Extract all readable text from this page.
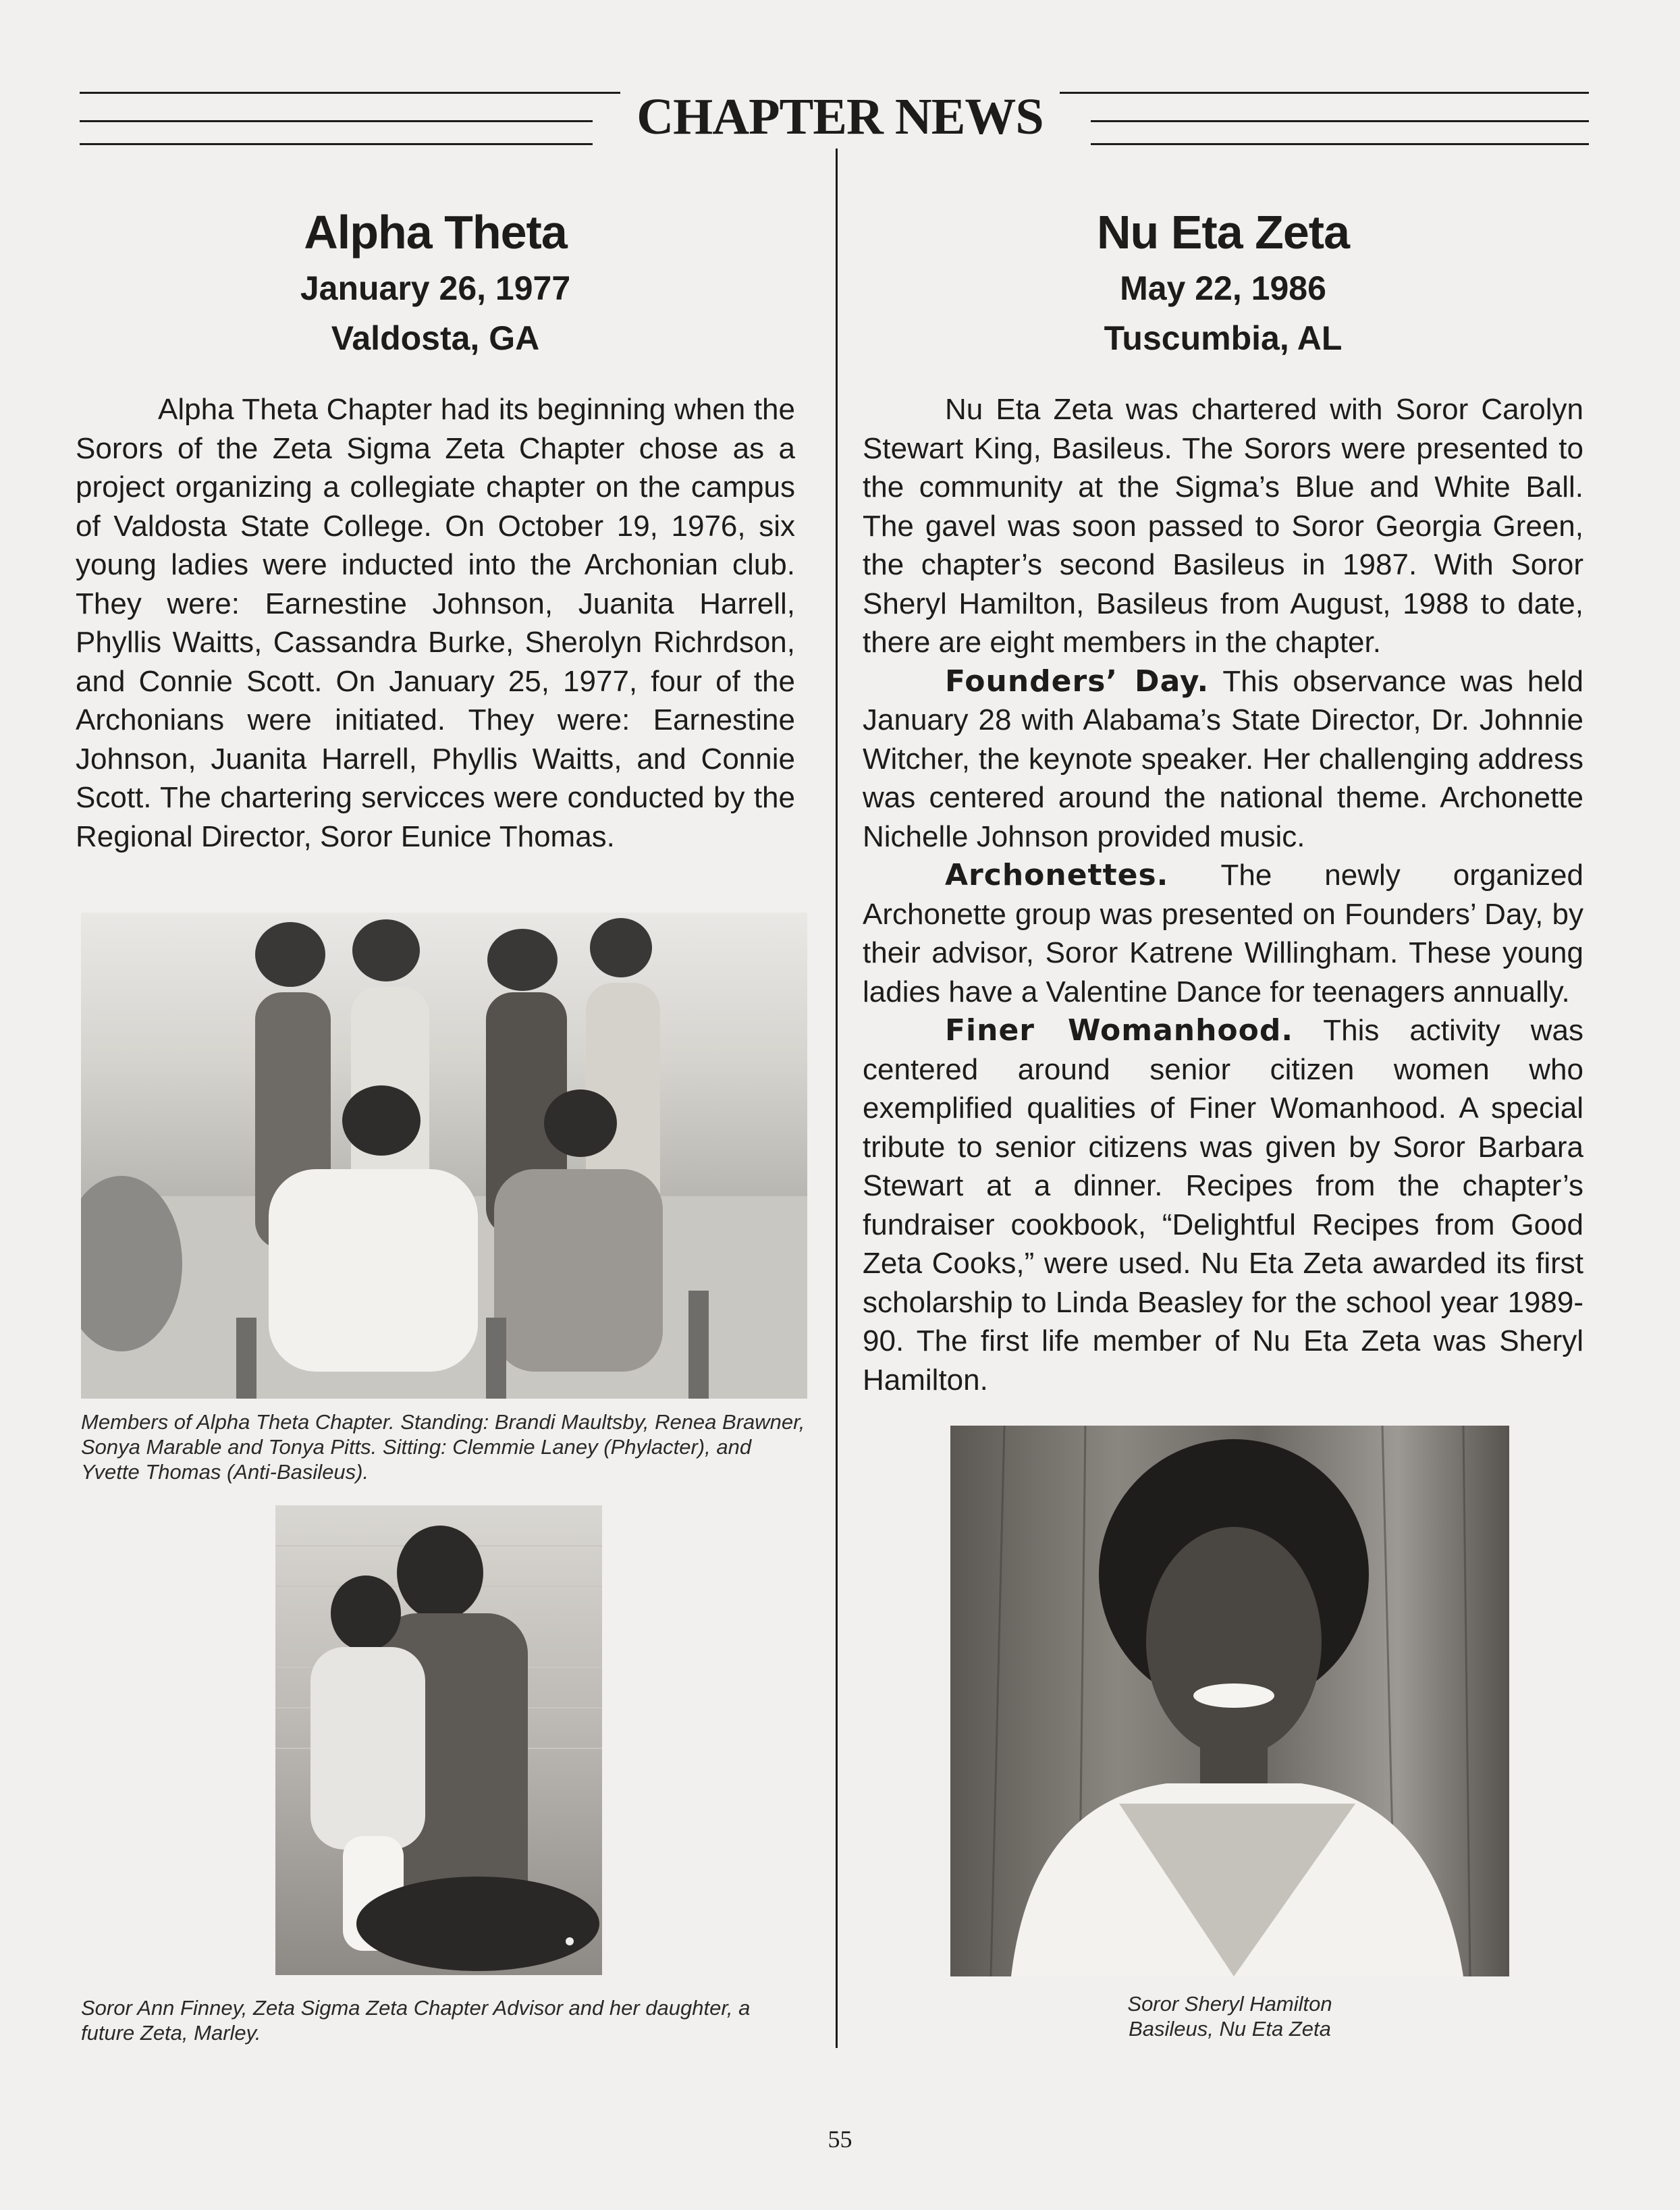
CHAPTER NEWS
Alpha Theta
January 26, 1977
Valdosta, GA

Alpha Theta Chapter had its beginning when the Sorors of the Zeta Sigma Zeta Chapter chose as a project organizing a collegiate chapter on the campus of Valdosta State College. On October 19, 1976, six young ladies were inducted into the Archonian club. They were: Earnestine Johnson, Juanita Harrell, Phyllis Waitts, Cassandra Burke, Sherolyn Richrdson, and Connie Scott. On January 25, 1977, four of the Archonians were initiated. They were: Earnestine Johnson, Juanita Harrell, Phyllis Waitts, and Connie Scott. The chartering servicces were conducted by the Regional Director, Soror Eunice Thomas.

Members of Alpha Theta Chapter. Standing: Brandi Maultsby, Renea Brawner, Sonya Marable and Tonya Pitts. Sitting: Clemmie Laney (Phylacter), and Yvette Thomas (Anti-Basileus).
Soror Ann Finney, Zeta Sigma Zeta Chapter Advisor and her daughter, a future Zeta, Marley.
Nu Eta Zeta
May 22, 1986
Tuscumbia, AL

Nu Eta Zeta was chartered with Soror Carolyn Stewart King, Basileus. The Sorors were presented to the community at the Sigma’s Blue and White Ball. The gavel was soon passed to Soror Georgia Green, the chapter’s second Basileus in 1987. With Soror Sheryl Hamilton, Basileus from August, 1988 to date, there are eight members in the chapter.

Founders’ Day. This observance was held January 28 with Alabama’s State Director, Dr. Johnnie Witcher, the keynote speaker. Her challenging address was centered around the national theme. Archonette Nichelle Johnson provided music.

Archonettes. The newly organized Archonette group was presented on Founders’ Day, by their advisor, Soror Katrene Willingham. These young ladies have a Valentine Dance for teenagers annually.

Finer Womanhood. This activity was centered around senior citizen women who exemplified qualities of Finer Womanhood. A special tribute to senior citizens was given by Soror Barbara Stewart at a dinner. Recipes from the chapter’s fundraiser cookbook, “Delightful Recipes from Good Zeta Cooks,” were used. Nu Eta Zeta awarded its first scholarship to Linda Beasley for the school year 1989-90. The first life member of Nu Eta Zeta was Sheryl Hamilton.

Soror Sheryl Hamilton
Basileus, Nu Eta Zeta
55
